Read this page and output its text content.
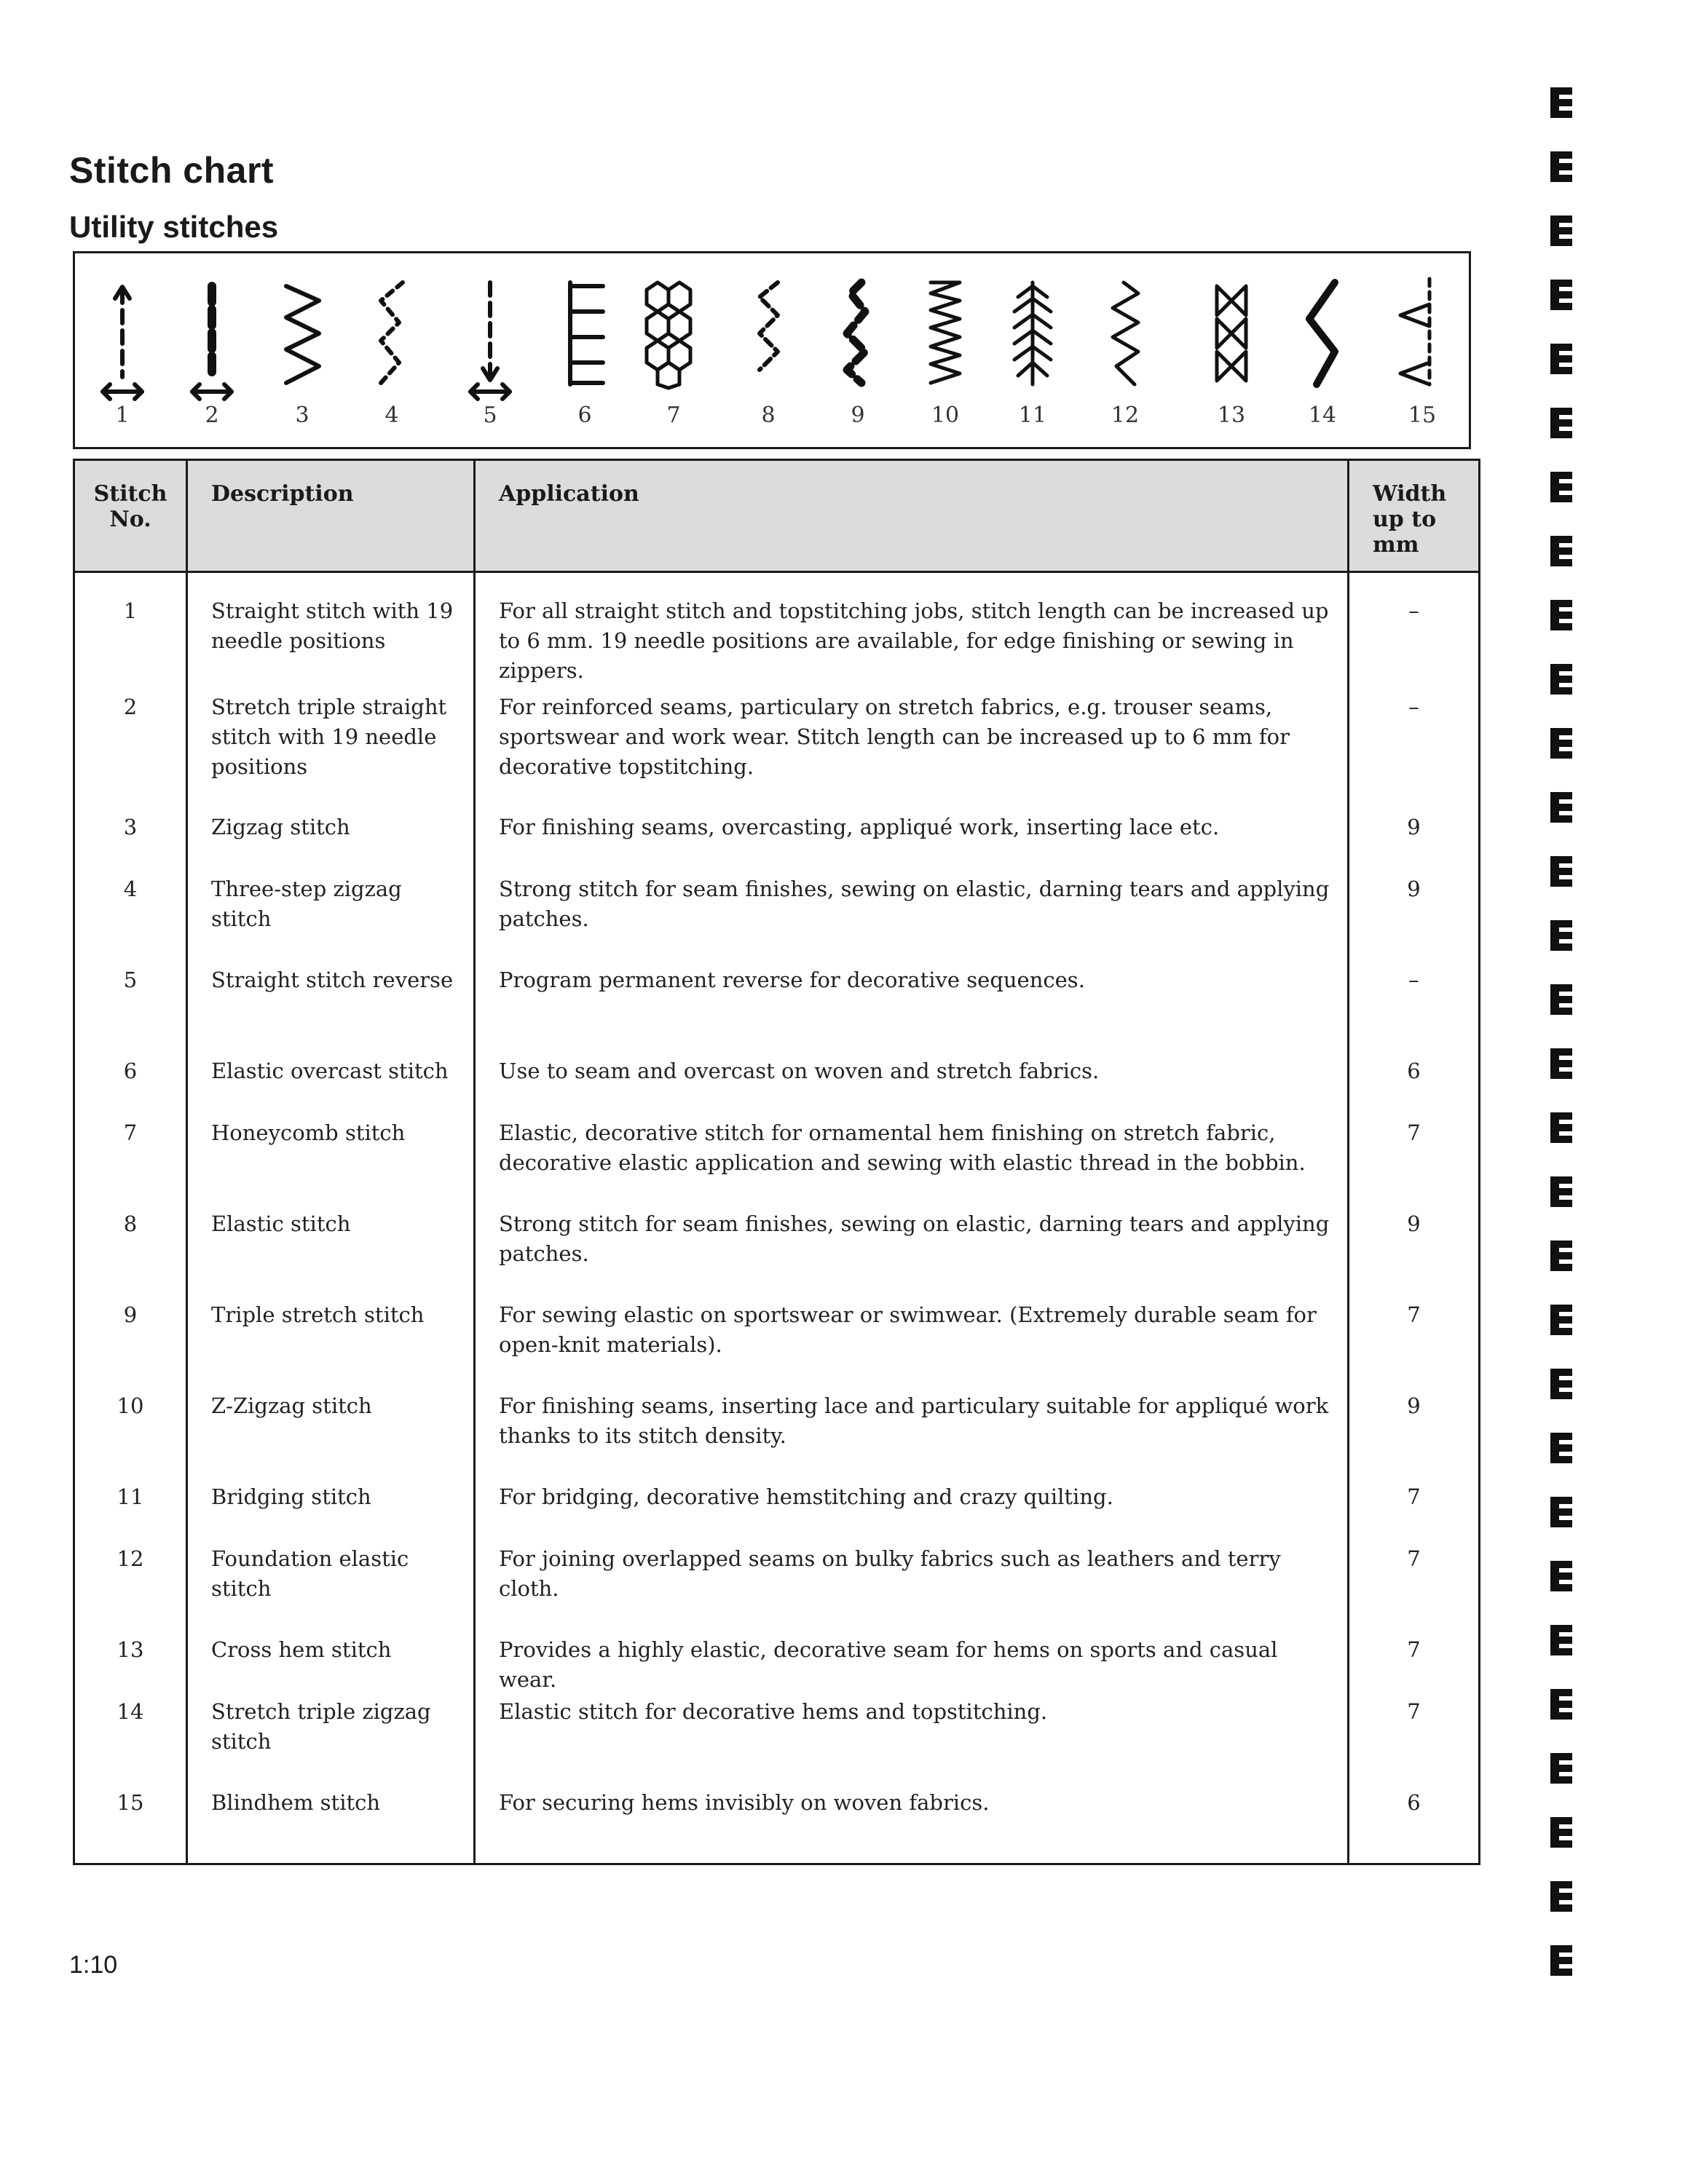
Stitch chart
Utility stitches
1	2	3	4	5	6	7	8	9	10	11	12	13	14	15
Stitch No.	Description	Application	Width up to mm
1	Straight stitch with 19 needle positions	For all straight stitch and topstitching jobs, stitch length can be increased up to 6 mm. 19 needle positions are available, for edge finishing or sewing in zippers.	–
2	Stretch triple straight stitch with 19 needle positions	For reinforced seams, particulary on stretch fabrics, e.g. trouser seams, sportswear and work wear. Stitch length can be increased up to 6 mm for decorative topstitching.	–
3	Zigzag stitch	For finishing seams, overcasting, appliqué work, inserting lace etc.	9
4	Three-step zigzag stitch	Strong stitch for seam finishes, sewing on elastic, darning tears and applying patches.	9
5	Straight stitch reverse	Program permanent reverse for decorative sequences.	–
6	Elastic overcast stitch	Use to seam and overcast on woven and stretch fabrics.	6
7	Honeycomb stitch	Elastic, decorative stitch for ornamental hem finishing on stretch fabric, decorative elastic application and sewing with elastic thread in the bobbin.	7
8	Elastic stitch	Strong stitch for seam finishes, sewing on elastic, darning tears and applying patches.	9
9	Triple stretch stitch	For sewing elastic on sportswear or swimwear. (Extremely durable seam for open-knit materials).	7
10	Z-Zigzag stitch	For finishing seams, inserting lace and particulary suitable for appliqué work thanks to its stitch density.	9
11	Bridging stitch	For bridging, decorative hemstitching and crazy quilting.	7
12	Foundation elastic stitch	For joining overlapped seams on bulky fabrics such as leathers and terry cloth.	7
13	Cross hem stitch	Provides a highly elastic, decorative seam for hems on sports and casual wear.	7
14	Stretch triple zigzag stitch	Elastic stitch for decorative hems and topstitching.	7
15	Blindhem stitch	For securing hems invisibly on woven fabrics.	6
1:10
